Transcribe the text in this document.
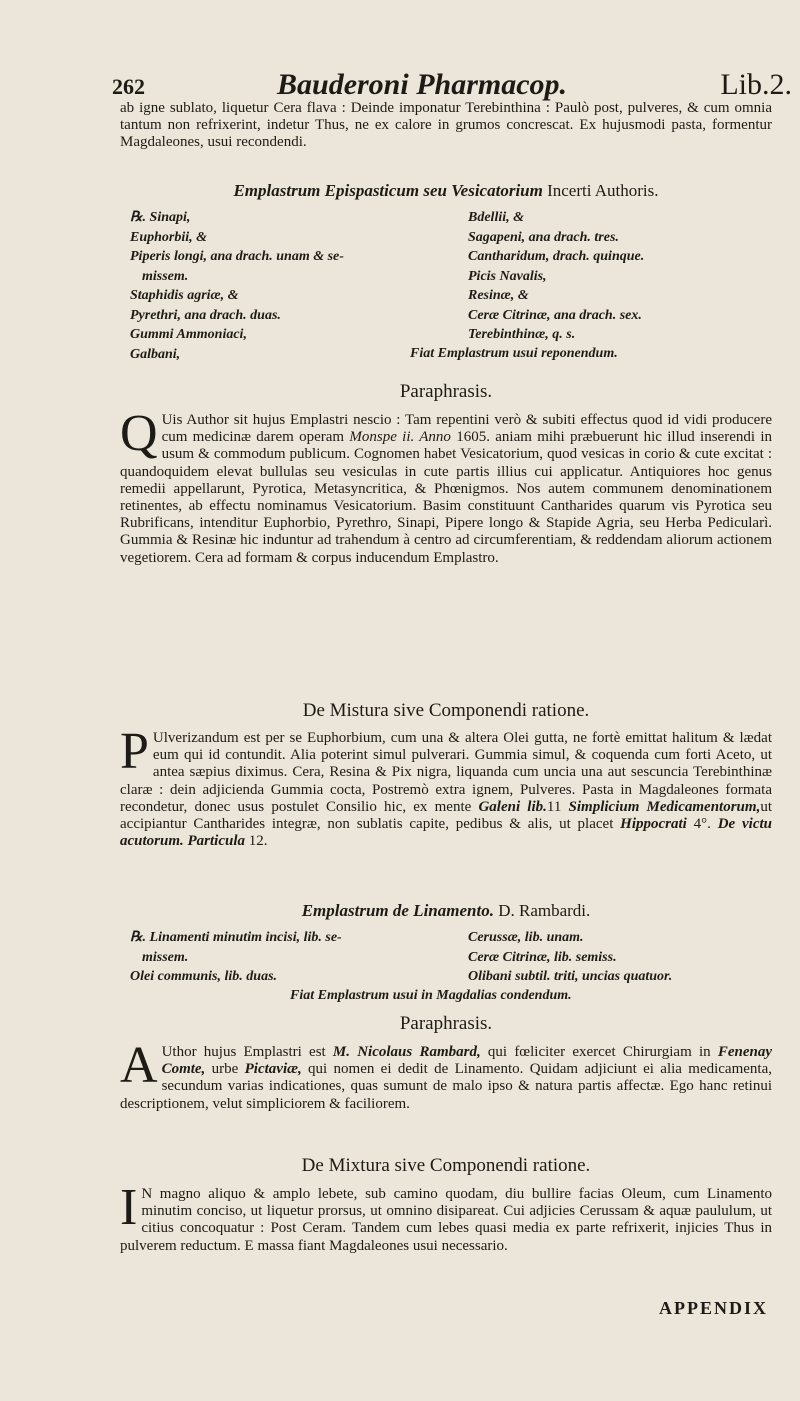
262	Bauderoni Pharmacop.	Lib.2.

ab igne sublato, liquetur Cera flava : Deinde imponatur Terebinthina : Paulò post, pulveres, & cum omnia tantum non refrixerint, indetur Thus, ne ex calore in grumos concrescat. Ex hujusmodi pasta, formentur Magdaleones, usui recondendi.

Emplastrum Epispasticum seu Vesicatorium Incerti Authoris.
℞. Sinapi,
Euphorbii, &
Piperis longi, ana drach. unam & se-
missem.
Staphidis agriæ, &
Pyrethri, ana drach. duas.
Gummi Ammoniaci,
Galbani,
Bdellii, &
Sagapeni, ana drach. tres.
Cantharidum, drach. quinque.
Picis Navalis,
Resinæ, &
Ceræ Citrinæ, ana drach. sex.
Terebinthinæ, q. s.
Fiat Emplastrum usui reponendum.
Paraphrasis.

Q Uis Author sit hujus Emplastri nescio : Tam repentini verò & subiti effectus quod id vidi producere cum medicinæ darem operam Monspe ii. Anno 1605. aniam mihi præbuerunt hic illud inserendi in usum & commodum publicum. Cognomen habet Vesicatorium, quod vesicas in corio & cute excitat : quandoquidem elevat bullulas seu vesiculas in cute partis illius cui applicatur. Antiquiores hoc genus remedii appellarunt, Pyrotica, Metasyncritica, & Phœnigmos. Nos autem communem denominationem retinentes, ab effectu nominamus Vesicatorium. Basim constituunt Cantharides quarum vis Pyrotica seu Rubrificans, intenditur Euphorbio, Pyrethro, Sinapi, Pipere longo & Stapide Agria, seu Herba Pedicularì. Gummia & Resinæ hic induntur ad trahendum à centro ad circumferentiam, & reddendam aliorum actionem vegetiorem. Cera ad formam & corpus inducendum Emplastro.

De Mistura sive Componendi ratione.

P Ulverizandum est per se Euphorbium, cum una & altera Olei gutta, ne fortè emittat halitum & lædat eum qui id contundit. Alia poterint simul pulverari. Gummia simul, & coquenda cum forti Aceto, ut antea sæpius diximus. Cera, Resina & Pix nigra, liquanda cum uncia una aut sescuncia Terebinthinæ claræ : dein adjicienda Gummia cocta, Postremò extra ignem, Pulveres. Pasta in Magdaleones formata recondetur, donec usus postulet Consilio hic, ex mente Galeni lib.11 Simplicium Medicamentorum,ut accipiantur Cantharides integræ, non sublatis capite, pedibus & alis, ut placet Hippocrati 4°. De victu acutorum. Particula 12.

Emplastrum de Linamento. D. Rambardi.
℞. Linamenti minutim incisi, lib. se-
missem.
Olei communis, lib. duas.
Cerussæ, lib. unam.
Ceræ Citrinæ, lib. semiss.
Olibani subtil. triti, uncias quatuor.
Fiat Emplastrum usui in Magdalias condendum.
Paraphrasis.

A Uthor hujus Emplastri est M. Nicolaus Rambard, qui fœliciter exercet Chirurgiam in Fenenay Comte, urbe Pictaviæ, qui nomen ei dedit de Linamento. Quidam adjiciunt ei alia medicamenta, secundum varias indicationes, quas sumunt de malo ipso & natura partis affectæ. Ego hanc retinui descriptionem, velut simpliciorem & faciliorem.

De Mixtura sive Componendi ratione.

I N magno aliquo & amplo lebete, sub camino quodam, diu bullire facias Oleum, cum Linamento minutim conciso, ut liquetur prorsus, ut omnino disipareat. Cui adjicies Cerussam & aquæ paululum, ut citius concoquatur : Post Ceram. Tandem cum lebes quasi media ex parte refrixerit, injicies Thus in pulverem reductum. E massa fiant Magdaleones usui necessario.

APPENDIX
